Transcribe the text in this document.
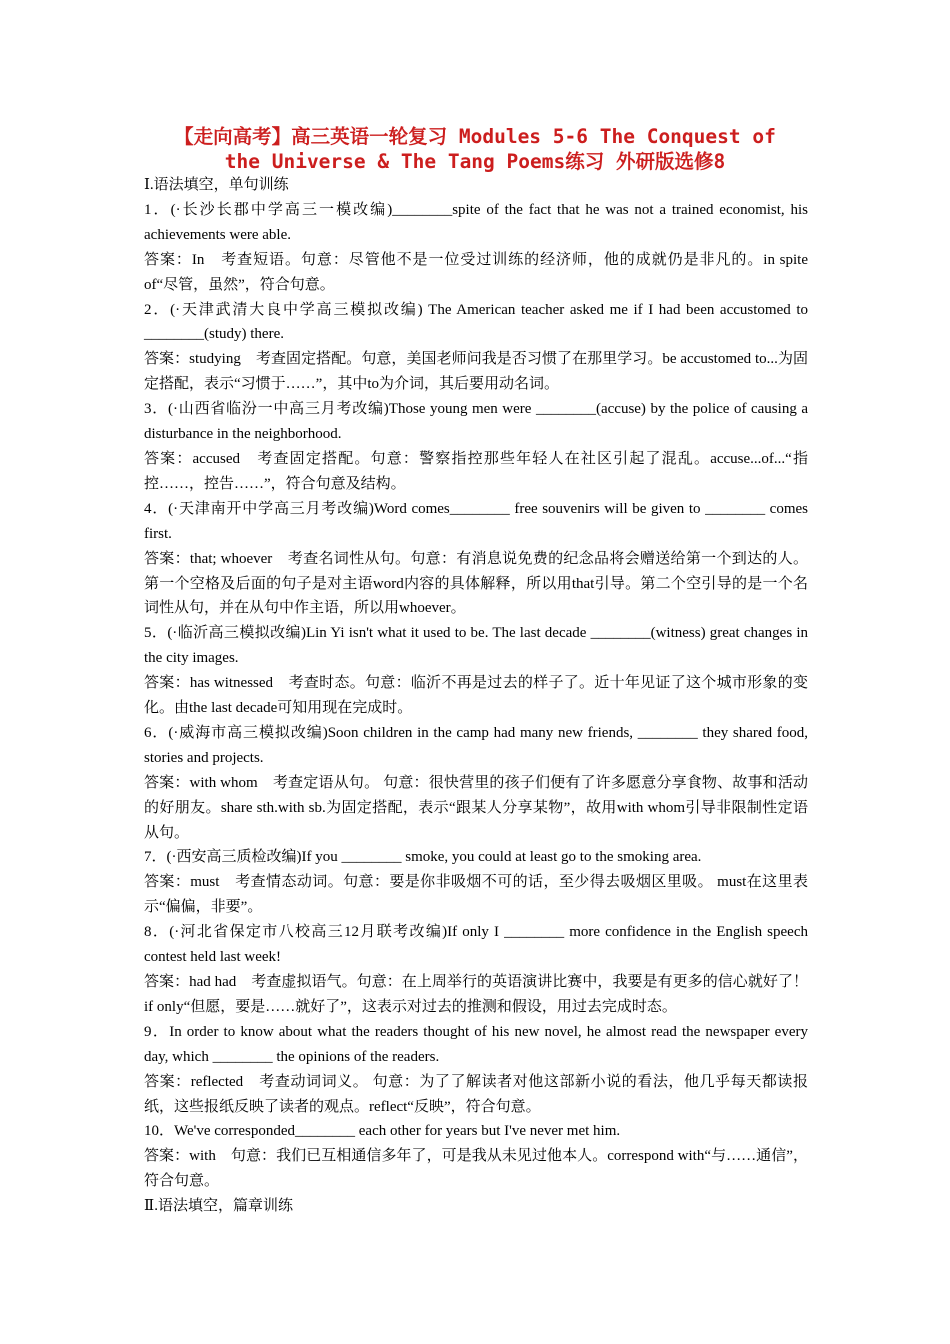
【走向高考】高三英语一轮复习 Modules 5-6 The Conquest of
the Universe & The Tang Poems练习 外研版选修8

Ⅰ.语法填空，单句训练

1．(·长沙长郡中学高三一模改编)________spite of the fact that he was not a trained economist, his achievements were able.

答案：In　考查短语。句意：尽管他不是一位受过训练的经济师，他的成就仍是非凡的。in spite of“尽管，虽然”，符合句意。

2．(·天津武清大良中学高三模拟改编) The American teacher asked me if I had been accustomed to ________(study) there.

答案：studying　考查固定搭配。句意，美国老师问我是否习惯了在那里学习。be accustomed to...为固定搭配，表示“习惯于……”，其中to为介词，其后要用动名词。

3．(·山西省临汾一中高三月考改编)Those young men were ________(accuse) by the police of causing a disturbance in the neighborhood.

答案：accused　考查固定搭配。句意：警察指控那些年轻人在社区引起了混乱。accuse...of...“指控……，控告……”，符合句意及结构。

4．(·天津南开中学高三月考改编)Word comes________ free souvenirs will be given to ________ comes first.

答案：that; whoever　考查名词性从句。句意：有消息说免费的纪念品将会赠送给第一个到达的人。第一个空格及后面的句子是对主语word内容的具体解释，所以用that引导。第二个空引导的是一个名词性从句，并在从句中作主语，所以用whoever。

5．(·临沂高三模拟改编)Lin Yi isn't what it used to be. The last decade ________(witness) great changes in the city images.

答案：has witnessed　考查时态。句意：临沂不再是过去的样子了。近十年见证了这个城市形象的变化。由the last decade可知用现在完成时。

6．(·威海市高三模拟改编)Soon children in the camp had many new friends, ________ they shared food, stories and projects.

答案：with whom　考查定语从句。 句意：很快营里的孩子们便有了许多愿意分享食物、故事和活动的好朋友。share sth.with sb.为固定搭配，表示“跟某人分享某物”，故用with whom引导非限制性定语从句。

7．(·西安高三质检改编)If you ________ smoke, you could at least go to the smoking area.

答案：must　考查情态动词。句意：要是你非吸烟不可的话，至少得去吸烟区里吸。 must在这里表示“偏偏，非要”。

8．(·河北省保定市八校高三12月联考改编)If only I ________ more confidence in the English speech contest held last week!

答案：had had　考查虚拟语气。句意：在上周举行的英语演讲比赛中，我要是有更多的信心就好了！ if only“但愿，要是……就好了”，这表示对过去的推测和假设，用过去完成时态。

9．In order to know about what the readers thought of his new novel, he almost read the newspaper every day, which ________ the opinions of the readers.

答案：reflected　考查动词词义。 句意：为了了解读者对他这部新小说的看法，他几乎每天都读报纸，这些报纸反映了读者的观点。reflect“反映”，符合句意。

10．We've corresponded________ each other for years but I've never met him.

答案：with　句意：我们已互相通信多年了，可是我从未见过他本人。correspond with“与……通信”，符合句意。

Ⅱ.语法填空，篇章训练
